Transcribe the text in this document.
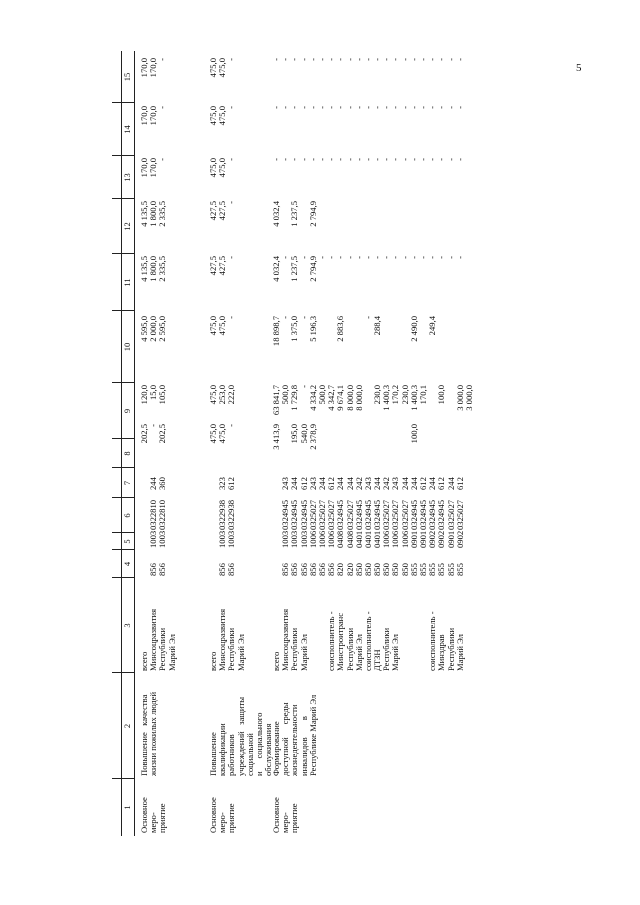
5
1
2
3
4
5
6
7
8
9
10
11
12
13
14
15
Основное меро- приятие
Повышение   качества жизни пожилых людей
всего Минсоцразвития Республики Марий Эл
856 856
1003 1003
0322810 0322810
244 360
202,5 - 202,5
120,0 15,0 105,0
4 595,0 2 000,0 2 595,0
4 135,5 1 800,0 2 335,5
4 135,5 1 800,0 2 335,5
170,0 170,0 -
170,0 170,0 -
170,0 170,0 -
Основное меро- приятие
Повышение квалификации работников учреждений   защиты социальной и      социального обслуживания
всего Минсоцразвития Республики Марий Эл
856 856
1003 1003
0322938 0322938
323 612
475,0 475,0 -
475,0 253,0 222,0
475,0 475,0 -
427,5 427,5 -
427,5 427,5 -
475,0 475,0 -
475,0 475,0 -
475,0 475,0 -
Основное меро- приятие
Формирование доступной      среды жизнедеятельности инвалидов        в Республике Марий Эл
всего Минсоцразвития Республики Марий Эл соисполнитель - Минстроитранс Республики Марий Эл соисполнитель - ДТЗН Республики Марий Эл	соисполнитель - Минздрав Республики Марий Эл
856 856 856 856 856 856 820 820 850 850 850 850 850 850 855 855 855 855 855 855
1003 1003 1003 1006 1006 1006 0408 0408 0401 0401 0401 1006 1006 1006 0901 0901 0902 0902 0901 0902
0324945 0324945 0324945 0325027 0325027 0325027 0324945 0325027 0324945 0324945 0324945 0325027 0325027 0325027 0324945 0324945 0324945 0324945 0325027 0325027
243 244 612 243 244 612 244 244 242 243 244 242 243 244 244 612 244 612 244 612
3 413,9 195,0 540,0 2 378,9
63 841,7 500,0 1 729,8 - 4 334,2 500,0 4 342,7 9 674,1 8 000,0 8 000,0 230,0 1 400,3 170,2 230,0 1 400,3 170,1 100,0 3 000,0 3 000,0
18 898,7 - 1 375,0 - 5 196,3 2 883,6 - 288,4	2 490,0 249,4
4 032,4 - 1 237,5 - 2 794,9 - - - - - - - - - - - - - - - -
4 032,4 1 237,5 2 794,9
- - - - - - - - - - - - - - - - - - - - -
- - - - - - - - - - - - - - - - - - - - -
- - - - - - - - - - - - - - - - - - - - -
100,0
